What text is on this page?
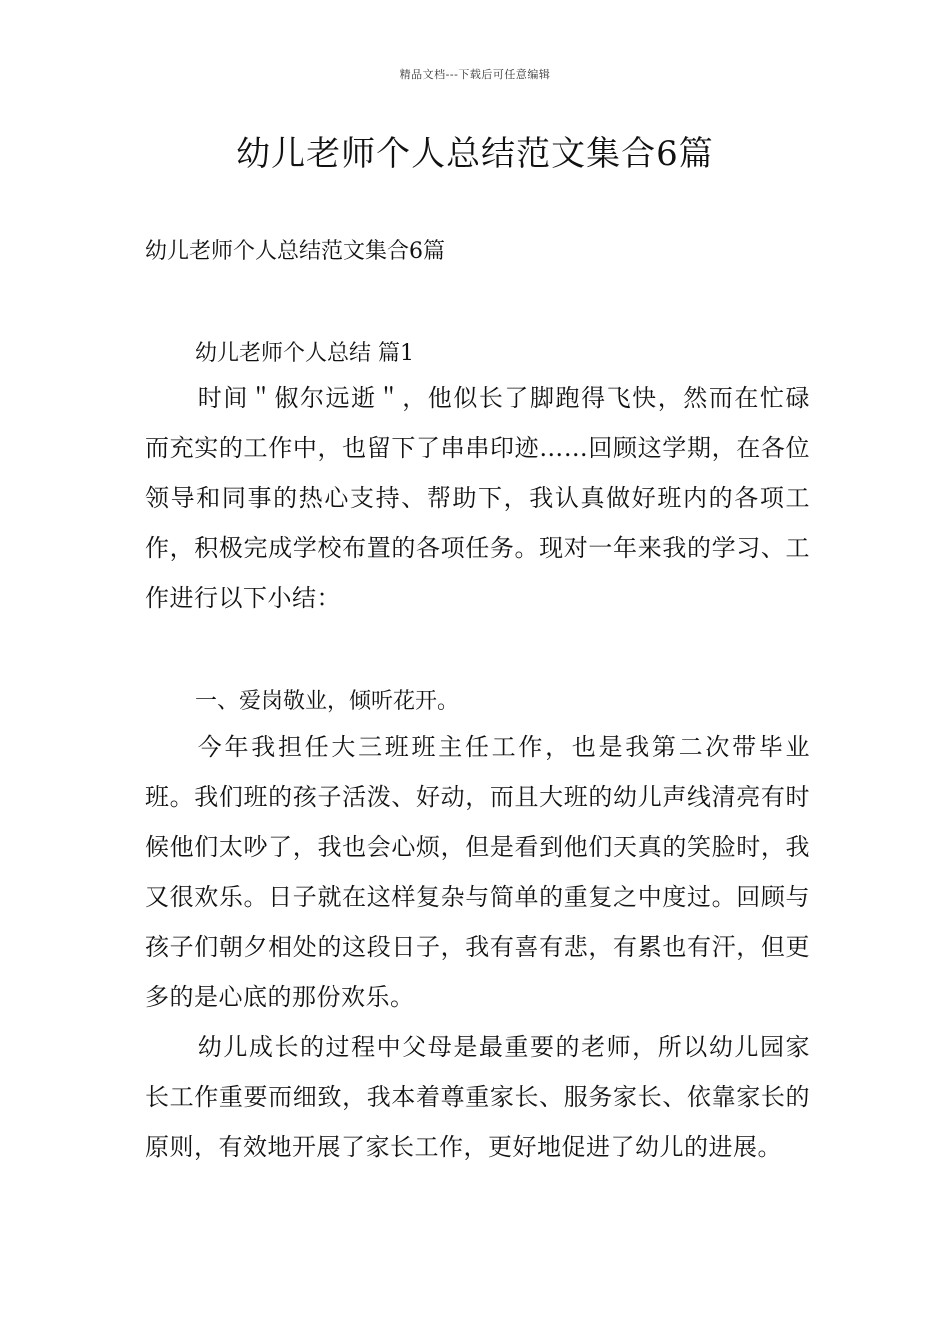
精品文档---下载后可任意编辑
幼儿老师个人总结范文集合6篇

幼儿老师个人总结范文集合6篇

幼儿老师个人总结 篇1

时间＂俶尔远逝＂，他似长了脚跑得飞快，然而在忙碌而充实的工作中，也留下了串串印迹……回顾这学期，在各位领导和同事的热心支持、帮助下，我认真做好班内的各项工作，积极完成学校布置的各项任务。现对一年来我的学习、工作进行以下小结：

一、爱岗敬业，倾听花开。

今年我担任大三班班主任工作，也是我第二次带毕业班。我们班的孩子活泼、好动，而且大班的幼儿声线清亮有时候他们太吵了，我也会心烦，但是看到他们天真的笑脸时，我又很欢乐。日子就在这样复杂与简单的重复之中度过。回顾与孩子们朝夕相处的这段日子，我有喜有悲，有累也有汗，但更多的是心底的那份欢乐。

幼儿成长的过程中父母是最重要的老师，所以幼儿园家长工作重要而细致，我本着尊重家长、服务家长、依靠家长的原则，有效地开展了家长工作，更好地促进了幼儿的进展。
